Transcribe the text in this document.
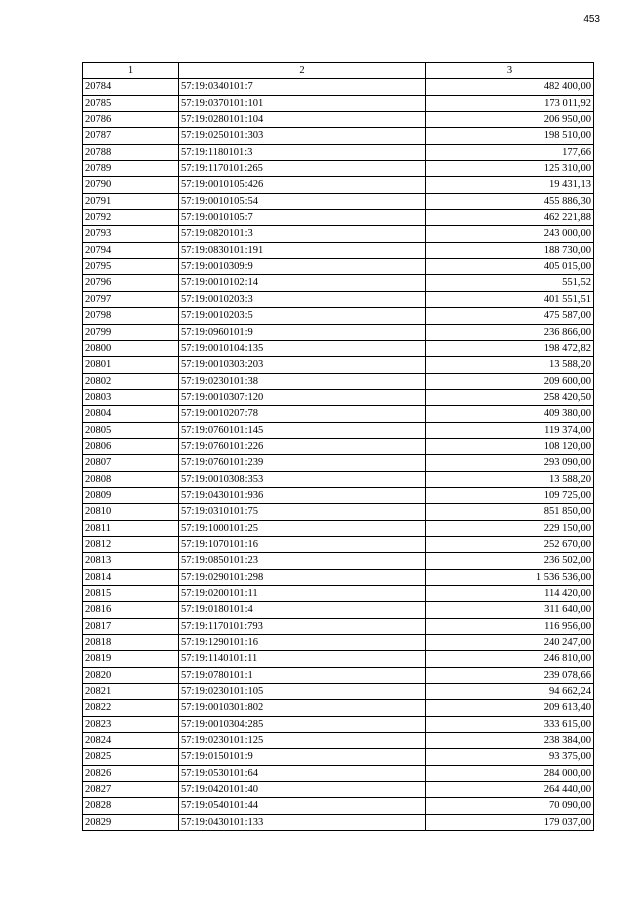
453
1	2	3
20784	57:19:0340101:7	482 400,00
20785	57:19:0370101:101	173 011,92
20786	57:19:0280101:104	206 950,00
20787	57:19:0250101:303	198 510,00
20788	57:19:1180101:3	177,66
20789	57:19:1170101:265	125 310,00
20790	57:19:0010105:426	19 431,13
20791	57:19:0010105:54	455 886,30
20792	57:19:0010105:7	462 221,88
20793	57:19:0820101:3	243 000,00
20794	57:19:0830101:191	188 730,00
20795	57:19:0010309:9	405 015,00
20796	57:19:0010102:14	551,52
20797	57:19:0010203:3	401 551,51
20798	57:19:0010203:5	475 587,00
20799	57:19:0960101:9	236 866,00
20800	57:19:0010104:135	198 472,82
20801	57:19:0010303:203	13 588,20
20802	57:19:0230101:38	209 600,00
20803	57:19:0010307:120	258 420,50
20804	57:19:0010207:78	409 380,00
20805	57:19:0760101:145	119 374,00
20806	57:19:0760101:226	108 120,00
20807	57:19:0760101:239	293 090,00
20808	57:19:0010308:353	13 588,20
20809	57:19:0430101:936	109 725,00
20810	57:19:0310101:75	851 850,00
20811	57:19:1000101:25	229 150,00
20812	57:19:1070101:16	252 670,00
20813	57:19:0850101:23	236 502,00
20814	57:19:0290101:298	1 536 536,00
20815	57:19:0200101:11	114 420,00
20816	57:19:0180101:4	311 640,00
20817	57:19:1170101:793	116 956,00
20818	57:19:1290101:16	240 247,00
20819	57:19:1140101:11	246 810,00
20820	57:19:0780101:1	239 078,66
20821	57:19:0230101:105	94 662,24
20822	57:19:0010301:802	209 613,40
20823	57:19:0010304:285	333 615,00
20824	57:19:0230101:125	238 384,00
20825	57:19:0150101:9	93 375,00
20826	57:19:0530101:64	284 000,00
20827	57:19:0420101:40	264 440,00
20828	57:19:0540101:44	70 090,00
20829	57:19:0430101:133	179 037,00
